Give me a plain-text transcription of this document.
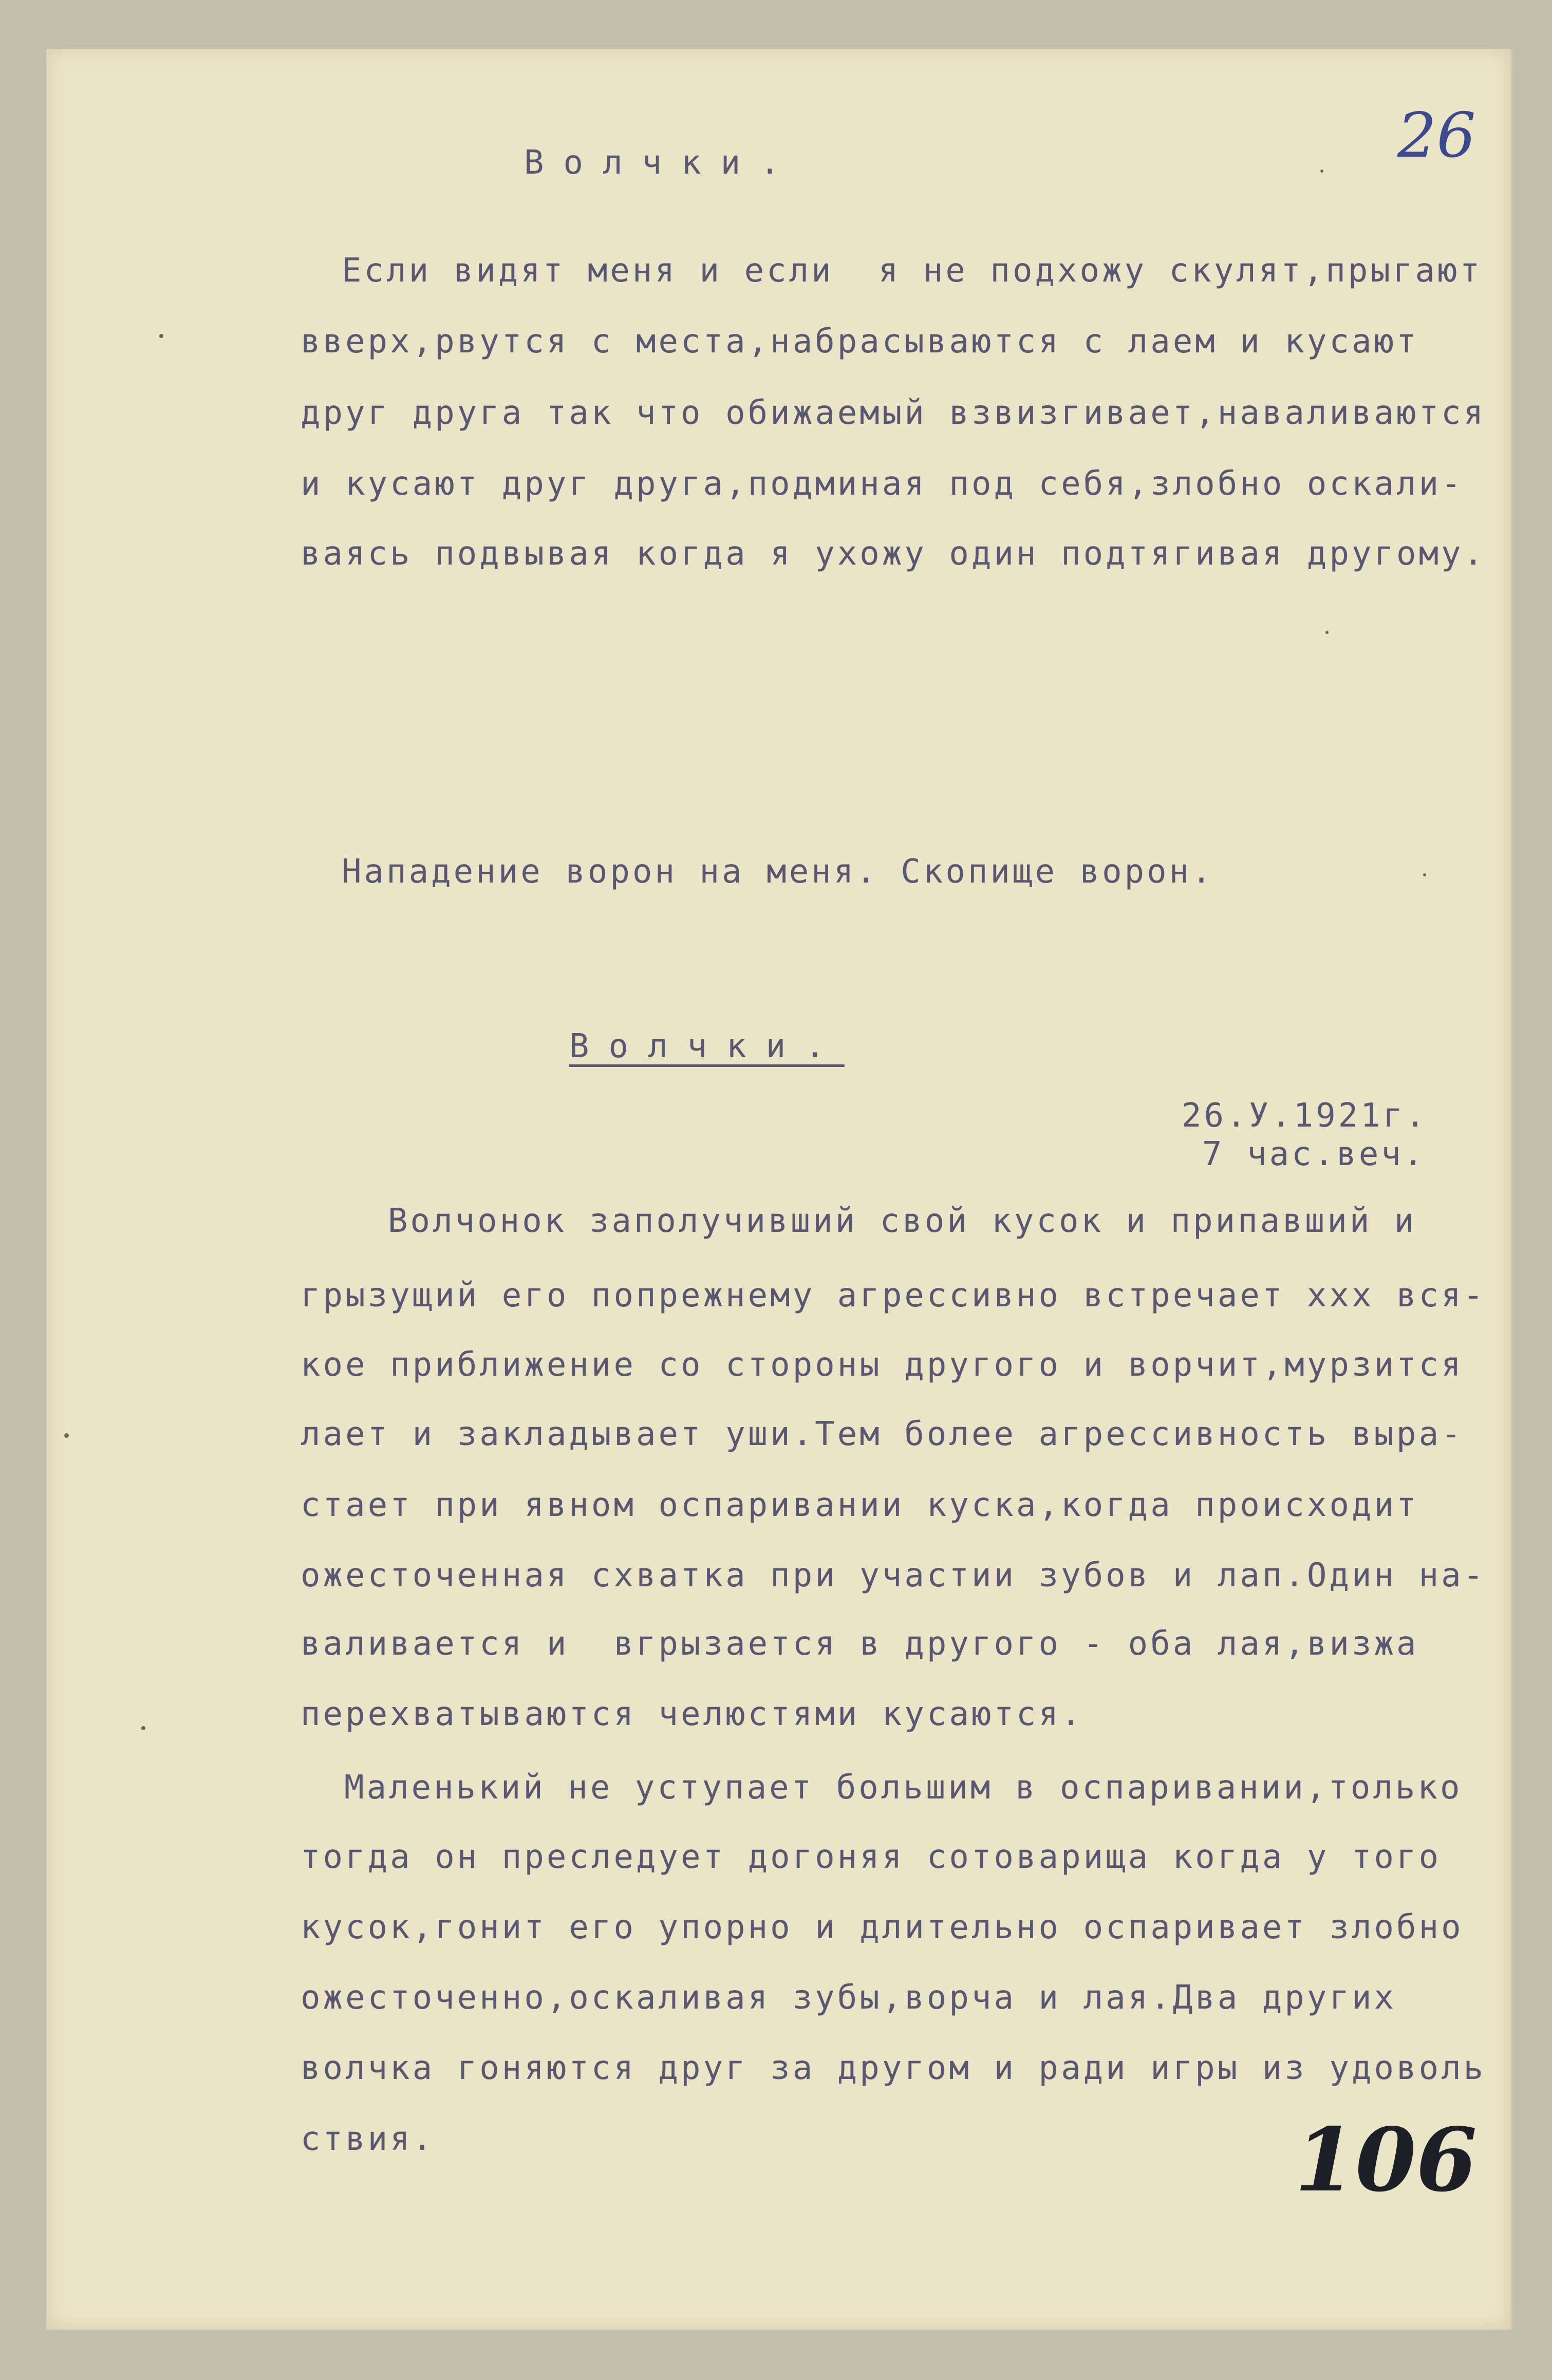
26
Волчки.
Если видят меня и если  я не подхожу скулят,прыгают
вверх,рвутся с места,набрасываются с лаем и кусают
друг друга так что обижаемый взвизгивает,наваливаются
и кусают друг друга,подминая под себя,злобно оскали-
ваясь подвывая когда я ухожу один подтягивая другому.
Нападение ворон на меня. Скопище ворон.
Волчки.
26.У.1921г.
7 час.веч.
Волчонок заполучивший свой кусок и припавший и
грызущий его попрежнему агрессивно встречает ххх вся-
кое приближение со стороны другого и ворчит,мурзится
лает и закладывает уши.Тем более агрессивность выра-
стает при явном оспаривании куска,когда происходит
ожесточенная схватка при участии зубов и лап.Один на-
валивается и  вгрызается в другого - оба лая,визжа
перехватываются челюстями кусаются.
Маленький не уступает большим в оспаривании,только
тогда он преследует догоняя сотоварища когда у того
кусок,гонит его упорно и длительно оспаривает злобно
ожесточенно,оскаливая зубы,ворча и лая.Два других
волчка гоняются друг за другом и ради игры из удоволь
ствия.	106
